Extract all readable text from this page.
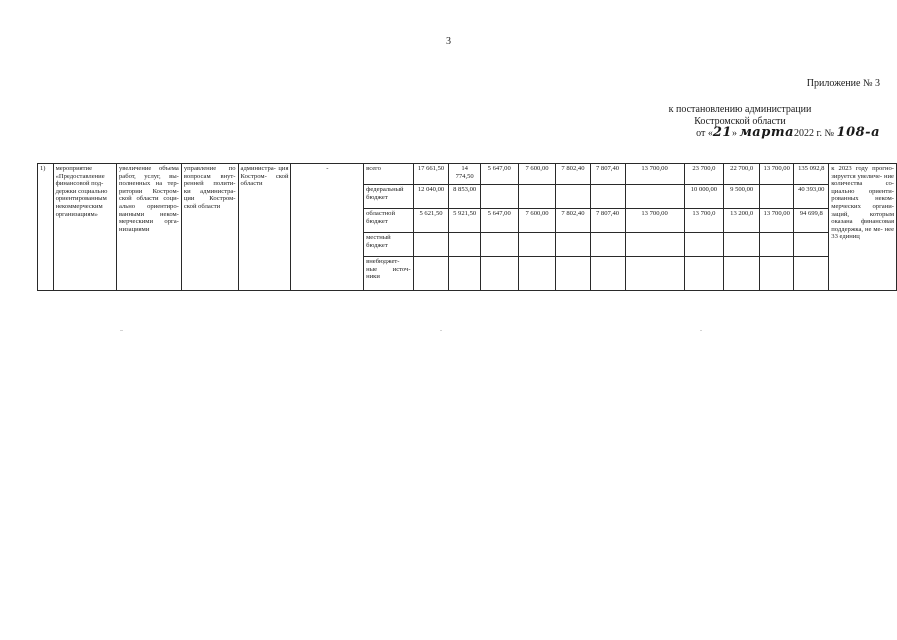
3
Приложение № 3
к постановлению администрации
Костромской области
от «21» марта2022 г. № 108-а
1)	мероприятие «Предоставление финансовой под- держки социально ориентированным некоммерческим организациям»	увеличение объема работ, услуг, вы- полненных на тер- ритории Костром- ской области соци- ально ориентиро- ванными неком- мерческими орга- низациями	управление по вопросам внут- ренней полити- ки администра- ции Костром- ской области	администра- ция Костром- ской области	-	всего	17 661,50	14 774,50	5 647,00	7 600,00	7 802,40	7 807,40	13 700,00	23 700,0	22 700,0	13 700,00	135 092,8	к 2023 году прогно- зируется увеличе- ние количества со- циально ориенти- рованных неком- мерческих органи- заций, которым оказана финансовая поддержка, не ме- нее 33 единиц
						федеральный бюджет	12 040,00	8 853,00						10 000,00	9 500,00		40 393,00	
						областной бюджет	5 621,50	5 921,50	5 647,00	7 600,00	7 802,40	7 807,40	13 700,00	13 700,0	13 200,0	13 700,00	94 699,8	
						местный бюджет												
						внебюджет- ные источ- ники												
